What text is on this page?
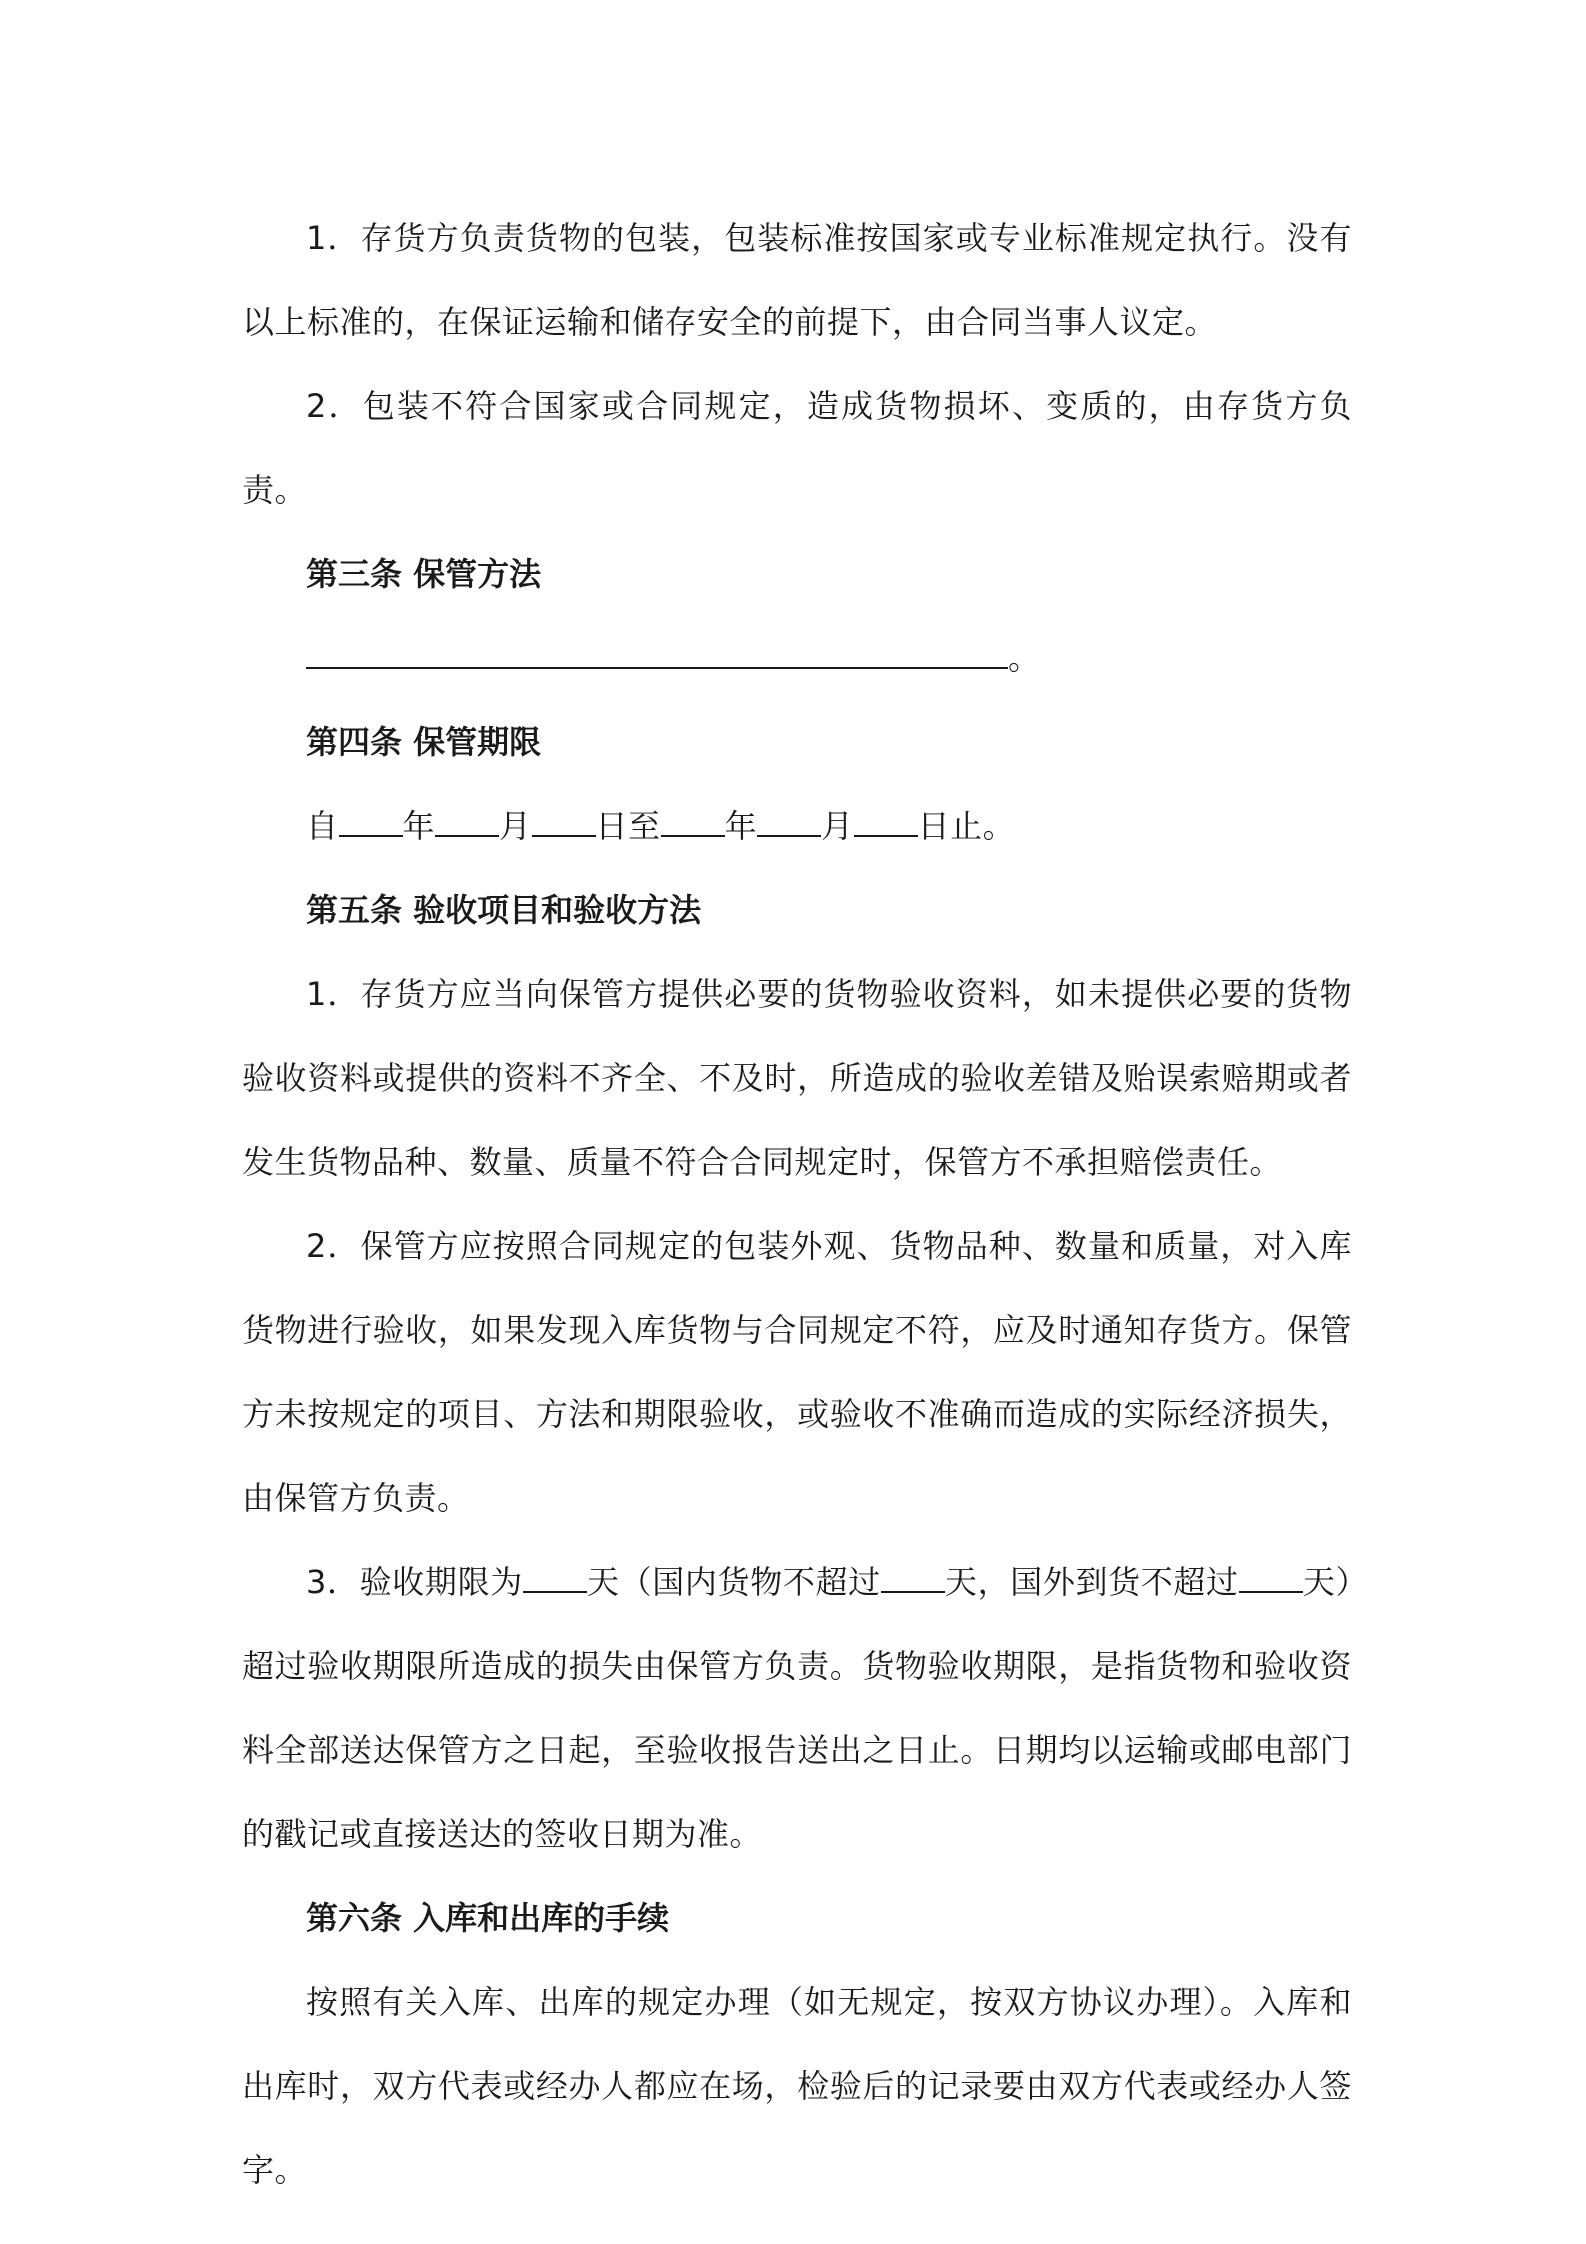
1．存货方负责货物的包装，包装标准按国家或专业标准规定执行。没有以上标准的，在保证运输和储存安全的前提下，由合同当事人议定。

2．包装不符合国家或合同规定，造成货物损坏、变质的，由存货方负责。

第三条 保管方法

。

第四条 保管期限

自 年 月 日至 年 月 日止。

第五条 验收项目和验收方法

1．存货方应当向保管方提供必要的货物验收资料，如未提供必要的货物验收资料或提供的资料不齐全、不及时，所造成的验收差错及贻误索赔期或者发生货物品种、数量、质量不符合合同规定时，保管方不承担赔偿责任。

2．保管方应按照合同规定的包装外观、货物品种、数量和质量，对入库货物进行验收，如果发现入库货物与合同规定不符，应及时通知存货方。保管方未按规定的项目、方法和期限验收，或验收不准确而造成的实际经济损失，由保管方负责。

3．验收期限为 天（国内货物不超过 天，国外到货不超过 天）超过验收期限所造成的损失由保管方负责。货物验收期限，是指货物和验收资料全部送达保管方之日起，至验收报告送出之日止。日期均以运输或邮电部门的戳记或直接送达的签收日期为准。

第六条 入库和出库的手续

按照有关入库、出库的规定办理（如无规定，按双方协议办理）。入库和出库时，双方代表或经办人都应在场，检验后的记录要由双方代表或经办人签字。
